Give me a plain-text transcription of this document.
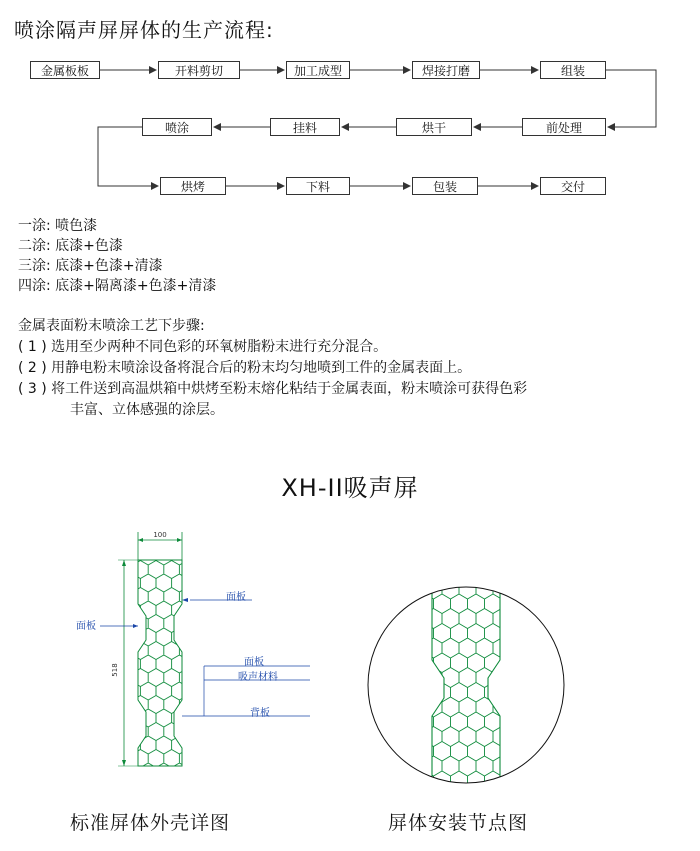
喷涂隔声屏屏体的生产流程:
金属板板	开料剪切	加工成型	焊接打磨	组装
喷涂	挂料	烘干	前处理
烘烤	下料	包装	交付
一涂: 喷色漆
二涂: 底漆+色漆
三涂: 底漆+色漆+清漆
四涂: 底漆+隔离漆+色漆+清漆
金属表面粉末喷涂工艺下步骤:
( 1 ) 选用至少两种不同色彩的环氧树脂粉末进行充分混合。
( 2 ) 用静电粉末喷涂设备将混合后的粉末均匀地喷到工件的金属表面上。
( 3 ) 将工件送到高温烘箱中烘烤至粉末熔化粘结于金属表面，粉末喷涂可获得色彩
丰富、立体感强的涂层。
XH-II吸声屏
100
518
面板
面板
面板
吸声材料
背板
标准屏体外壳详图	屏体安装节点图
